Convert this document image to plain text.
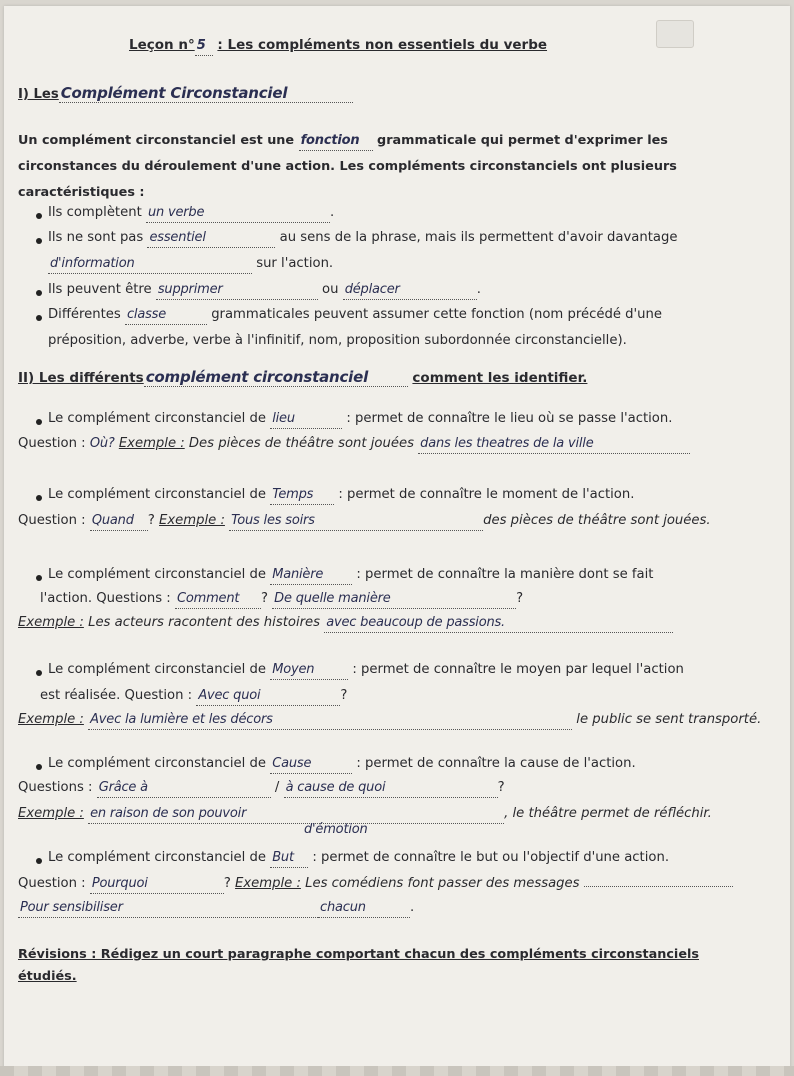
Leçon n° 5 : Les compléments non essentiels du verbe
I) Les Complément Circonstanciel
Un complément circonstanciel est une fonction grammaticale qui permet d'exprimer les
circonstances du déroulement d'une action. Les compléments circonstanciels ont plusieurs
caractéristiques :
Ils complètent un verbe	.
Ils ne sont pas essentiel	au sens de la phrase, mais ils permettent d'avoir davantage
d'information	sur l'action.
Ils peuvent être supprimer	ou déplacer	.
Différentes classe	grammaticales peuvent assumer cette fonction (nom précédé d'une
préposition, adverbe, verbe à l'infinitif, nom, proposition subordonnée circonstancielle).
II) Les différents complément circonstanciel	comment les identifier.
Le complément circonstanciel de lieu	: permet de connaître le lieu où se passe l'action.
Question : Où? Exemple : Des pièces de théâtre sont jouées dans les theatres de la ville
Le complément circonstanciel de Temps : permet de connaître le moment de l'action.
Question : Quand ? Exemple : Tous les soirs	des pièces de théâtre sont jouées.
Le complément circonstanciel de Manière	: permet de connaître la manière dont se fait
l'action. Questions : Comment ? De quelle manière	?
Exemple : Les acteurs racontent des histoires avec beaucoup de passions.
Le complément circonstanciel de Moyen	: permet de connaître le moyen par lequel l'action
est réalisée. Question : Avec quoi	?
Exemple : Avec la lumière et les décors	le public se sent transporté.
Le complément circonstanciel de Cause	: permet de connaître la cause de l'action.
Questions : Grâce à	/ à cause de quoi	?
Exemple : en raison de son pouvoir	, le théâtre permet de réfléchir.
d'émotion
Le complément circonstanciel de But : permet de connaître le but ou l'objectif d'une action.
Question : Pourquoi	? Exemple : Les comédiens font passer des messages
Pour sensibiliser	chacun	.
Révisions : Rédigez un court paragraphe comportant chacun des compléments circonstanciels
étudiés.
